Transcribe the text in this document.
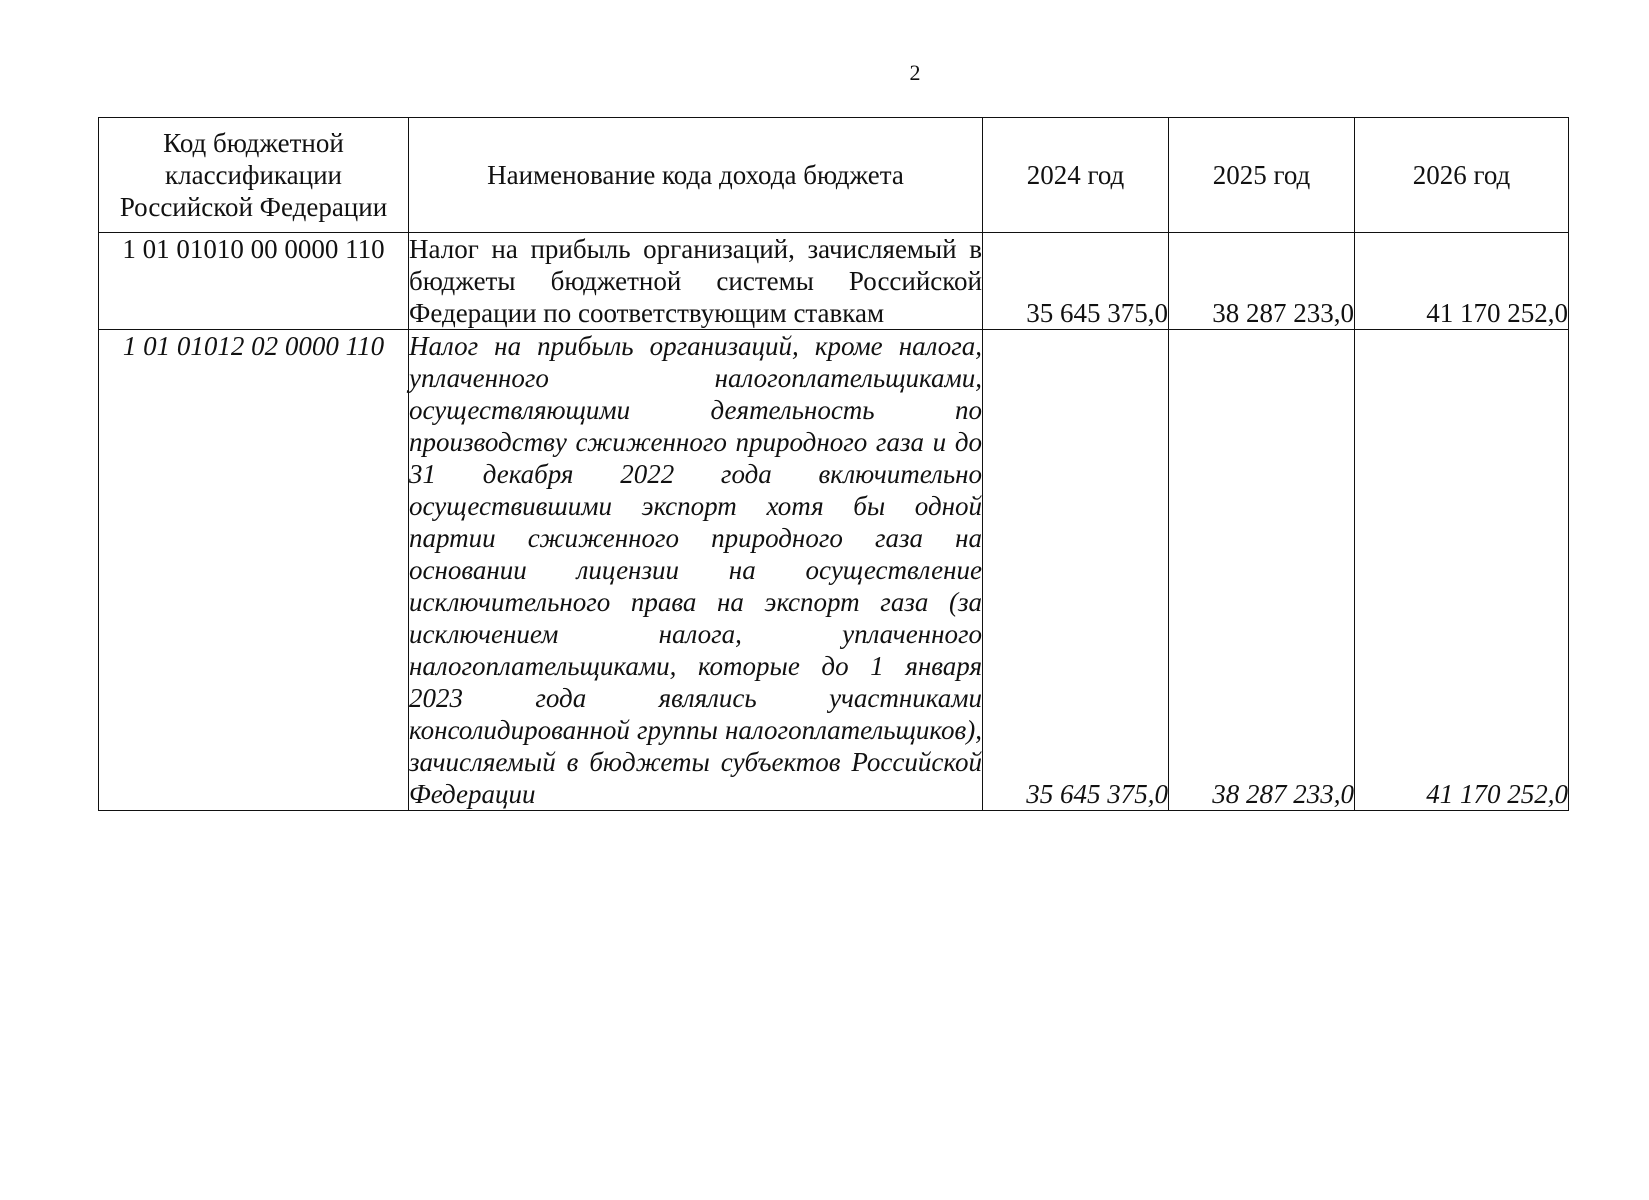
2
Код бюджетной классификации Российской Федерации	Наименование кода дохода бюджета	2024 год	2025 год	2026 год
1 01 01010 00 0000 110	Налог на прибыль организаций, зачисляемый в бюджеты бюджетной системы Российской Федерации по соответствующим ставкам	35 645 375,0	38 287 233,0	41 170 252,0
1 01 01012 02 0000 110	Налог на прибыль организаций, кроме налога, уплаченного налогоплательщиками, осуществляющими деятельность по производству сжиженного природного газа и до 31 декабря 2022 года включительно осуществившими экспорт хотя бы одной партии сжиженного природного газа на основании лицензии на осуществление исключительного права на экспорт газа (за исключением налога, уплаченного налогоплательщиками, которые до 1 января 2023 года являлись участниками консолидированной группы налогоплательщиков), зачисляемый в бюджеты субъектов Российской Федерации	35 645 375,0	38 287 233,0	41 170 252,0
